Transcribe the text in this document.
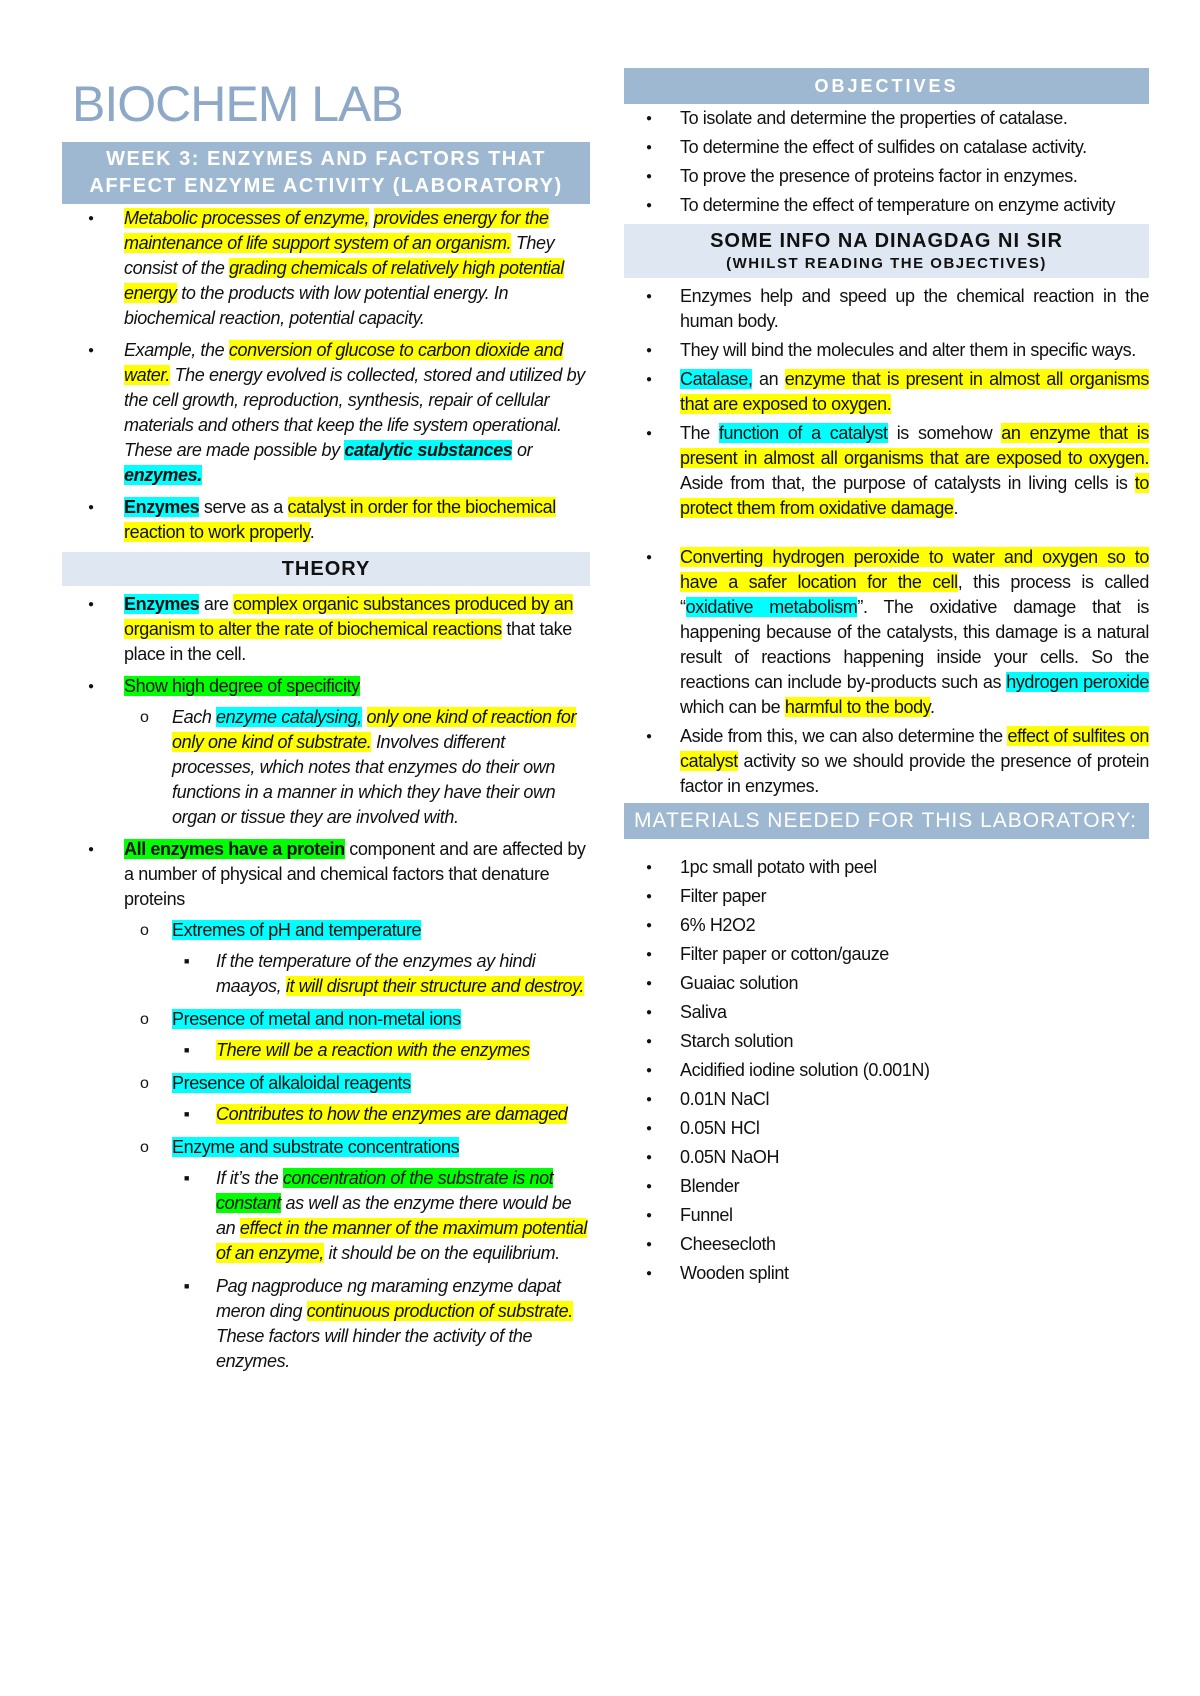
BIOCHEM LAB
WEEK 3: ENZYMES AND FACTORS THAT AFFECT ENZYME ACTIVITY (LABORATORY)
● Metabolic processes of enzyme, provides energy for the maintenance of life support system of an organism. They consist of the grading chemicals of relatively high potential energy to the products with low potential energy. In biochemical reaction, potential capacity.
● Example, the conversion of glucose to carbon dioxide and water. The energy evolved is collected, stored and utilized by the cell growth, reproduction, synthesis, repair of cellular materials and others that keep the life system operational. These are made possible by catalytic substances or enzymes.
● Enzymes serve as a catalyst in order for the biochemical reaction to work properly.
THEORY
● Enzymes are complex organic substances produced by an organism to alter the rate of biochemical reactions that take place in the cell.
● Show high degree of specificity
o Each enzyme catalysing, only one kind of reaction for only one kind of substrate. Involves different processes, which notes that enzymes do their own functions in a manner in which they have their own organ or tissue they are involved with.
● All enzymes have a protein component and are affected by a number of physical and chemical factors that denature proteins
o Extremes of pH and temperature
■ If the temperature of the enzymes ay hindi maayos, it will disrupt their structure and destroy.
o Presence of metal and non-metal ions
■ There will be a reaction with the enzymes
o Presence of alkaloidal reagents
■ Contributes to how the enzymes are damaged
o Enzyme and substrate concentrations
■ If it’s the concentration of the substrate is not constant as well as the enzyme there would be an effect in the manner of the maximum potential of an enzyme, it should be on the equilibrium.
■ Pag nagproduce ng maraming enzyme dapat meron ding continuous production of substrate. These factors will hinder the activity of the enzymes.
OBJECTIVES
● To isolate and determine the properties of catalase.
● To determine the effect of sulfides on catalase activity.
● To prove the presence of proteins factor in enzymes.
● To determine the effect of temperature on enzyme activity
SOME INFO NA DINAGDAG NI SIR
(WHILST READING THE OBJECTIVES)
● Enzymes help and speed up the chemical reaction in the human body.
● They will bind the molecules and alter them in specific ways.
● Catalase, an enzyme that is present in almost all organisms that are exposed to oxygen.
● The function of a catalyst is somehow an enzyme that is present in almost all organisms that are exposed to oxygen. Aside from that, the purpose of catalysts in living cells is to protect them from oxidative damage.
● Converting hydrogen peroxide to water and oxygen so to have a safer location for the cell, this process is called “oxidative metabolism”. The oxidative damage that is happening because of the catalysts, this damage is a natural result of reactions happening inside your cells. So the reactions can include by-products such as hydrogen peroxide which can be harmful to the body.
● Aside from this, we can also determine the effect of sulfites on catalyst activity so we should provide the presence of protein factor in enzymes.
MATERIALS NEEDED FOR THIS LABORATORY:
● 1pc small potato with peel
● Filter paper
● 6% H2O2
● Filter paper or cotton/gauze
● Guaiac solution
● Saliva
● Starch solution
● Acidified iodine solution (0.001N)
● 0.01N NaCl
● 0.05N HCl
● 0.05N NaOH
● Blender
● Funnel
● Cheesecloth
● Wooden splint
